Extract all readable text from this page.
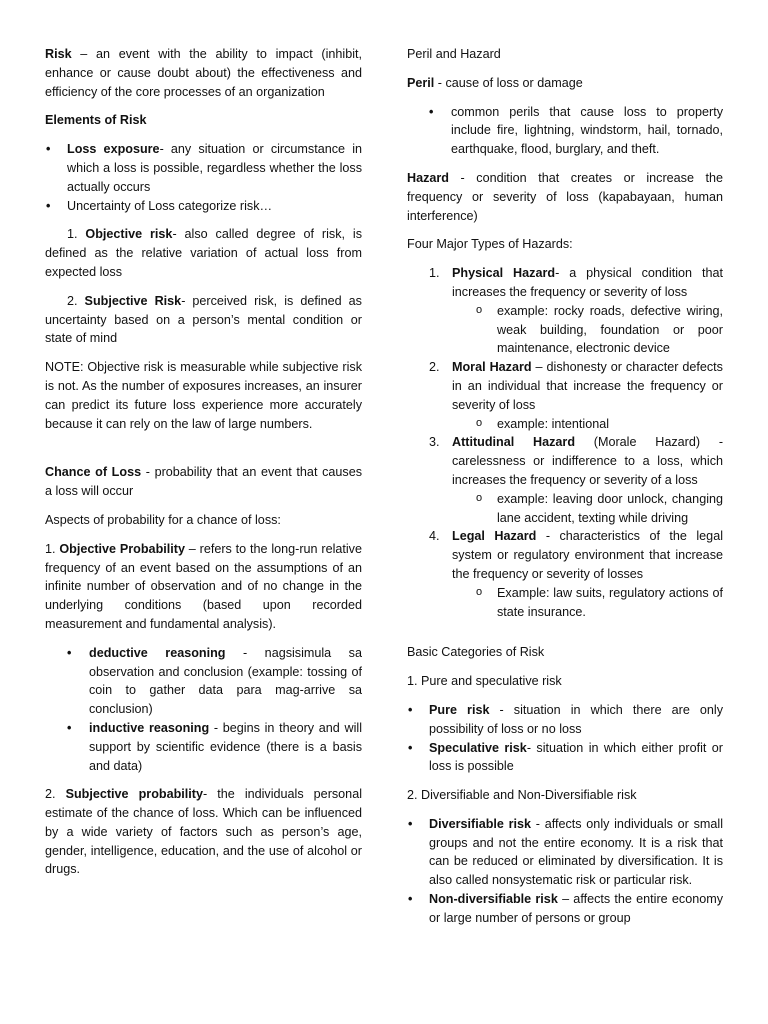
Risk – an event with the ability to impact (inhibit, enhance or cause doubt about) the effectiveness and efficiency of the core processes of an organization

Elements of Risk

• Loss exposure- any situation or circumstance in which a loss is possible, regardless whether the loss actually occurs
• Uncertainty of Loss categorize risk…

1. Objective risk- also called degree of risk, is defined as the relative variation of actual loss from expected loss

2. Subjective Risk- perceived risk, is defined as uncertainty based on a person’s mental condition or state of mind

NOTE: Objective risk is measurable while subjective risk is not. As the number of exposures increases, an insurer can predict its future loss experience more accurately because it can rely on the law of large numbers.

Chance of Loss - probability that an event that causes a loss will occur

Aspects of probability for a chance of loss:

1. Objective Probability – refers to the long-run relative frequency of an event based on the assumptions of an infinite number of observation and of no change in the underlying conditions (based upon recorded measurement and fundamental analysis).

• deductive reasoning - nagsisimula sa observation and conclusion (example: tossing of coin to gather data para mag-arrive sa conclusion)
• inductive reasoning - begins in theory and will support by scientific evidence (there is a basis and data)

2. Subjective probability- the individuals personal estimate of the chance of loss. Which can be influenced by a wide variety of factors such as person’s age, gender, intelligence, education, and the use of alcohol or drugs.

Peril and Hazard

Peril - cause of loss or damage

• common perils that cause loss to property include fire, lightning, windstorm, hail, tornado, earthquake, flood, burglary, and theft.

Hazard - condition that creates or increase the frequency or severity of loss (kapabayaan, human interference)

Four Major Types of Hazards:

1. Physical Hazard- a physical condition that increases the frequency or severity of loss
o example: rocky roads, defective wiring, weak building, foundation or poor maintenance, electronic device
2. Moral Hazard – dishonesty or character defects in an individual that increase the frequency or severity of loss
o example: intentional
3. Attitudinal Hazard (Morale Hazard) - carelessness or indifference to a loss, which increases the frequency or severity of a loss
o example: leaving door unlock, changing lane accident, texting while driving
4. Legal Hazard - characteristics of the legal system or regulatory environment that increase the frequency or severity of losses
o Example: law suits, regulatory actions of state insurance.

Basic Categories of Risk

1. Pure and speculative risk

• Pure risk - situation in which there are only possibility of loss or no loss
• Speculative risk- situation in which either profit or loss is possible

2. Diversifiable and Non-Diversifiable risk

• Diversifiable risk - affects only individuals or small groups and not the entire economy. It is a risk that can be reduced or eliminated by diversification. It is also called nonsystematic risk or particular risk.
• Non-diversifiable risk – affects the entire economy or large number of persons or group
